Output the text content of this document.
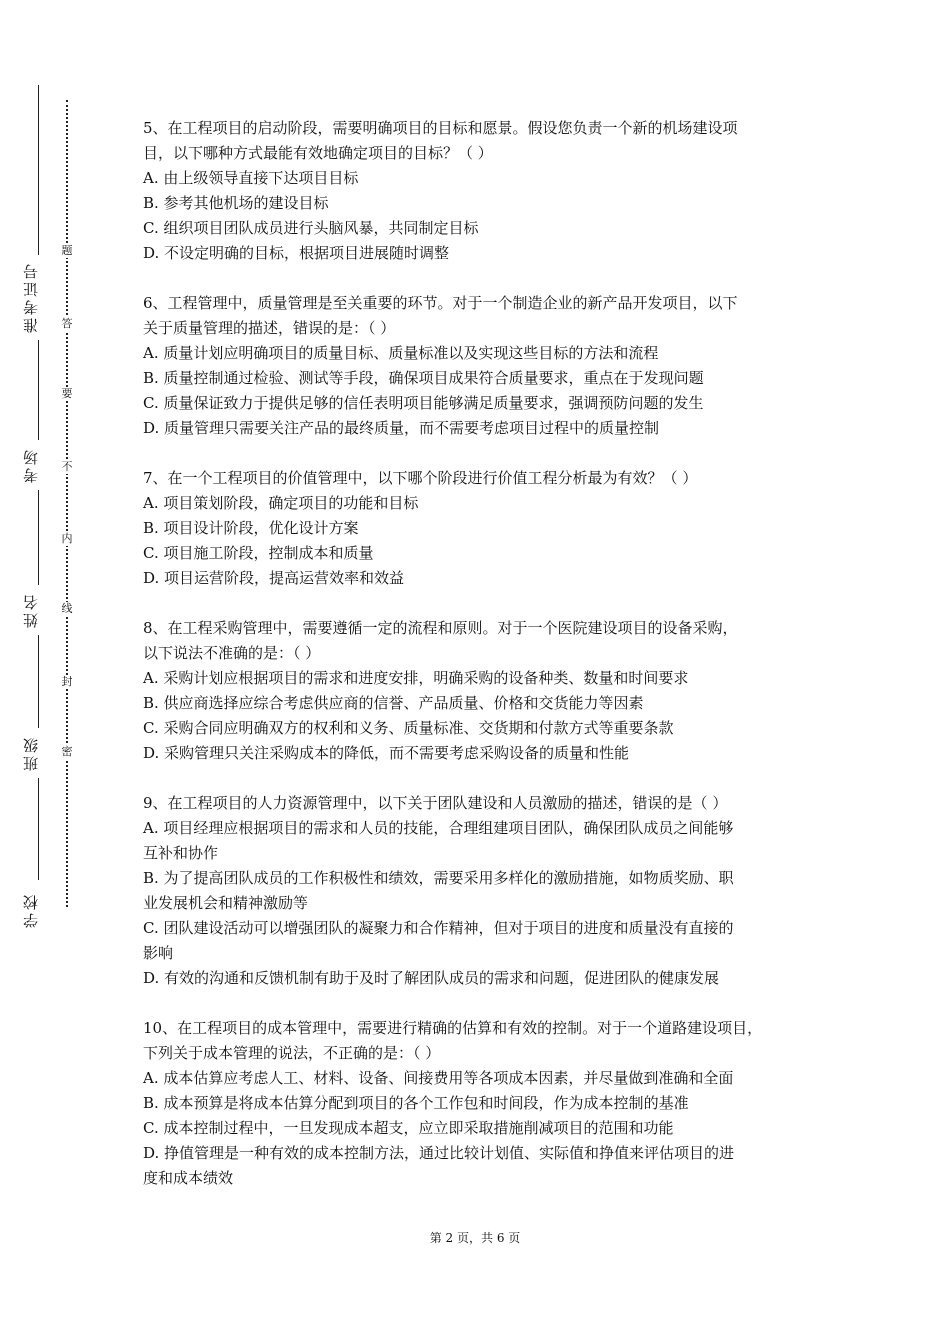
学校
班级
姓名
考场
准考证号
密
封
线
内
不
要
答
题
5、在工程项目的启动阶段，需要明确项目的目标和愿景。假设您负责一个新的机场建设项
目，以下哪种方式最能有效地确定项目的目标？（ ）
A. 由上级领导直接下达项目目标
B. 参考其他机场的建设目标
C. 组织项目团队成员进行头脑风暴，共同制定目标
D. 不设定明确的目标，根据项目进展随时调整
6、工程管理中，质量管理是至关重要的环节。对于一个制造企业的新产品开发项目，以下
关于质量管理的描述，错误的是：（ ）
A. 质量计划应明确项目的质量目标、质量标准以及实现这些目标的方法和流程
B. 质量控制通过检验、测试等手段，确保项目成果符合质量要求，重点在于发现问题
C. 质量保证致力于提供足够的信任表明项目能够满足质量要求，强调预防问题的发生
D. 质量管理只需要关注产品的最终质量，而不需要考虑项目过程中的质量控制
7、在一个工程项目的价值管理中，以下哪个阶段进行价值工程分析最为有效？（ ）
A. 项目策划阶段，确定项目的功能和目标
B. 项目设计阶段，优化设计方案
C. 项目施工阶段，控制成本和质量
D. 项目运营阶段，提高运营效率和效益
8、在工程采购管理中，需要遵循一定的流程和原则。对于一个医院建设项目的设备采购，
以下说法不准确的是：（ ）
A. 采购计划应根据项目的需求和进度安排，明确采购的设备种类、数量和时间要求
B. 供应商选择应综合考虑供应商的信誉、产品质量、价格和交货能力等因素
C. 采购合同应明确双方的权利和义务、质量标准、交货期和付款方式等重要条款
D. 采购管理只关注采购成本的降低，而不需要考虑采购设备的质量和性能
9、在工程项目的人力资源管理中，以下关于团队建设和人员激励的描述，错误的是（ ）
A. 项目经理应根据项目的需求和人员的技能，合理组建项目团队，确保团队成员之间能够
互补和协作
B. 为了提高团队成员的工作积极性和绩效，需要采用多样化的激励措施，如物质奖励、职
业发展机会和精神激励等
C. 团队建设活动可以增强团队的凝聚力和合作精神，但对于项目的进度和质量没有直接的
影响
D. 有效的沟通和反馈机制有助于及时了解团队成员的需求和问题，促进团队的健康发展
10、在工程项目的成本管理中，需要进行精确的估算和有效的控制。对于一个道路建设项目，
下列关于成本管理的说法，不正确的是：（ ）
A. 成本估算应考虑人工、材料、设备、间接费用等各项成本因素，并尽量做到准确和全面
B. 成本预算是将成本估算分配到项目的各个工作包和时间段，作为成本控制的基准
C. 成本控制过程中，一旦发现成本超支，应立即采取措施削减项目的范围和功能
D. 挣值管理是一种有效的成本控制方法，通过比较计划值、实际值和挣值来评估项目的进
度和成本绩效
第 2 页，共 6 页
